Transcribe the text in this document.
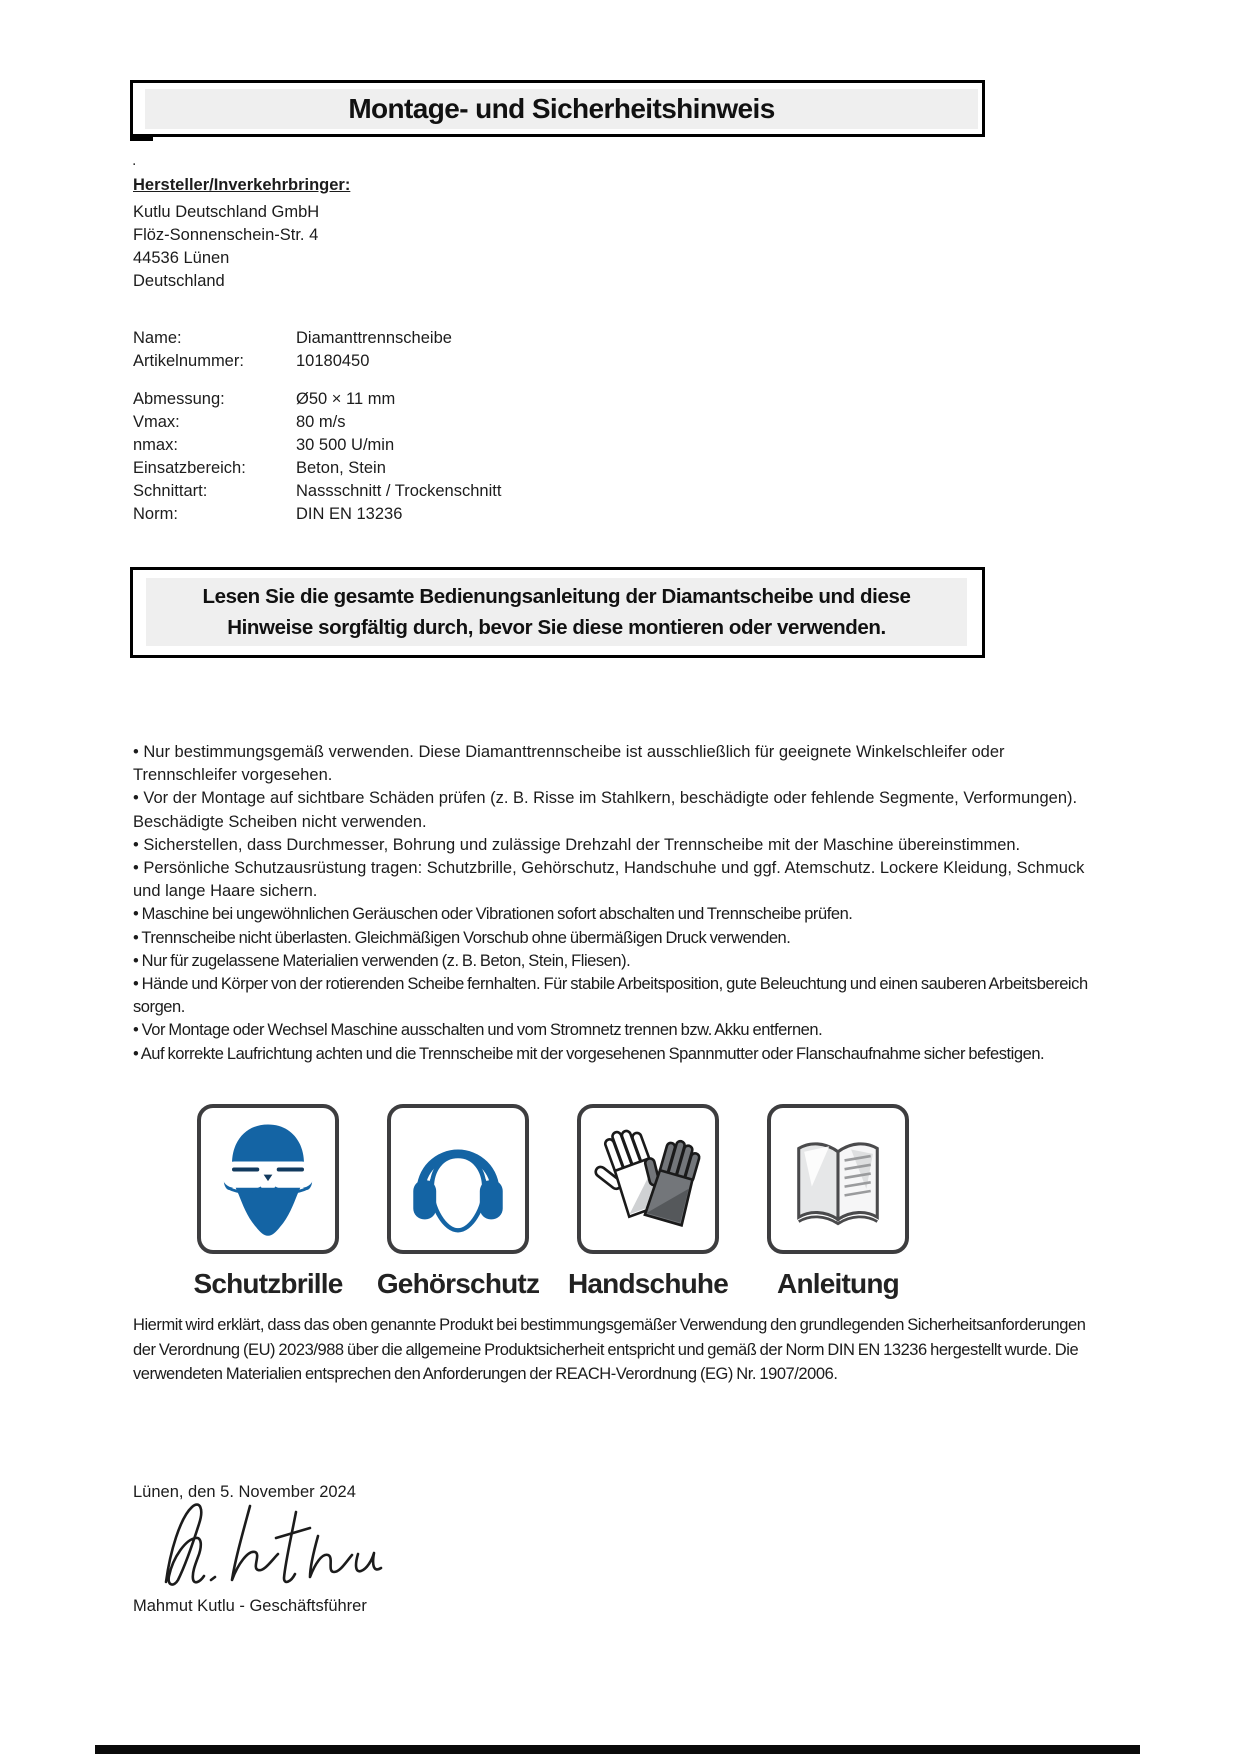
Montage- und Sicherheitshinweis
.
Hersteller/Inverkehrbringer:
Kutlu Deutschland GmbH
Flöz-Sonnenschein-Str. 4
44536 Lünen
Deutschland
Name:	Diamanttrennscheibe
Artikelnummer:	10180450
Abmessung:	Ø50 × 11 mm
Vmax:	80 m/s
nmax:	30 500 U/min
Einsatzbereich:	Beton, Stein
Schnittart:	Nassschnitt / Trockenschnitt
Norm:	DIN EN 13236
Lesen Sie die gesamte Bedienungsanleitung der Diamantscheibe und diese Hinweise sorgfältig durch, bevor Sie diese montieren oder verwenden.
• Nur bestimmungsgemäß verwenden. Diese Diamanttrennscheibe ist ausschließlich für geeignete Winkelschleifer oder Trennschleifer vorgesehen.
• Vor der Montage auf sichtbare Schäden prüfen (z. B. Risse im Stahlkern, beschädigte oder fehlende Segmente, Verformungen). Beschädigte Scheiben nicht verwenden.
• Sicherstellen, dass Durchmesser, Bohrung und zulässige Drehzahl der Trennscheibe mit der Maschine übereinstimmen.
• Persönliche Schutzausrüstung tragen: Schutzbrille, Gehörschutz, Handschuhe und ggf. Atemschutz. Lockere Kleidung, Schmuck und lange Haare sichern.
• Maschine bei ungewöhnlichen Geräuschen oder Vibrationen sofort abschalten und Trennscheibe prüfen.
• Trennscheibe nicht überlasten. Gleichmäßigen Vorschub ohne übermäßigen Druck verwenden.
• Nur für zugelassene Materialien verwenden (z. B. Beton, Stein, Fliesen).
• Hände und Körper von der rotierenden Scheibe fernhalten. Für stabile Arbeitsposition, gute Beleuchtung und einen sauberen Arbeitsbereich sorgen.
• Vor Montage oder Wechsel Maschine ausschalten und vom Stromnetz trennen bzw. Akku entfernen.
• Auf korrekte Laufrichtung achten und die Trennscheibe mit der vorgesehenen Spannmutter oder Flanschaufnahme sicher befestigen.
Schutzbrille Gehörschutz Handschuhe Anleitung
Hiermit wird erklärt, dass das oben genannte Produkt bei bestimmungsgemäßer Verwendung den grundlegenden Sicherheitsanforderungen der Verordnung (EU) 2023/988 über die allgemeine Produktsicherheit entspricht und gemäß der Norm DIN EN 13236 hergestellt wurde. Die verwendeten Materialien entsprechen den Anforderungen der REACH-Verordnung (EG) Nr. 1907/2006.
Lünen, den 5. November 2024
Mahmut Kutlu - Geschäftsführer
